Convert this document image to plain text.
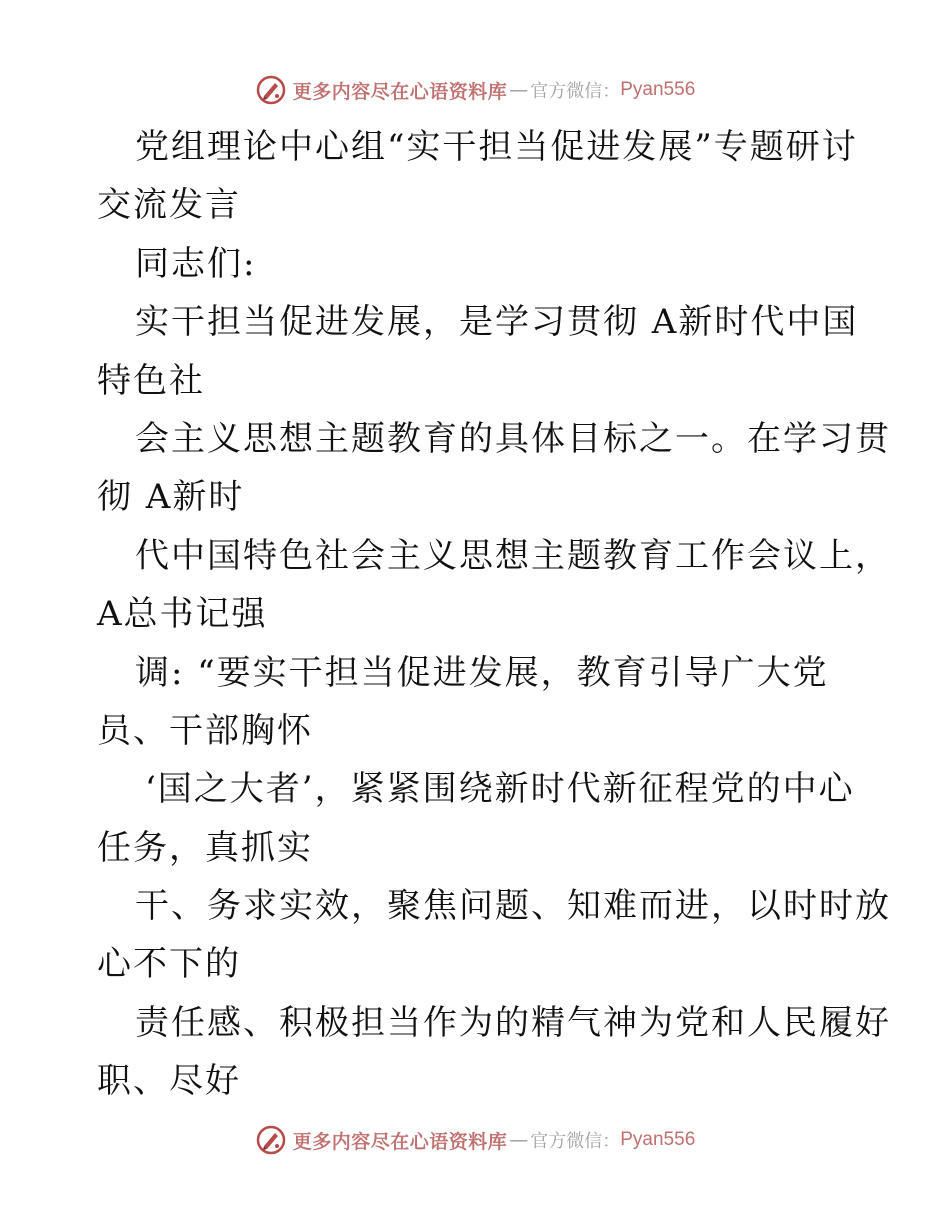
更多内容尽在心语资料库 — 官方微信： Pyan556
党组理论中心组“实干担当促进发展”专题研讨
交流发言
同志们:
实干担当促进发展，是学习贯彻 A新时代中国
特色社
会主义思想主题教育的具体目标之一。在学习贯
彻 A新时
代中国特色社会主义思想主题教育工作会议上，
A总书记强
调: “要实干担当促进发展，教育引导广大党
员、干部胸怀
‘国之大者’，紧紧围绕新时代新征程党的中心
任务，真抓实
干、务求实效，聚焦问题、知难而进，以时时放
心不下的
责任感、积极担当作为的精气神为党和人民履好
职、尽好
更多内容尽在心语资料库 — 官方微信： Pyan556
